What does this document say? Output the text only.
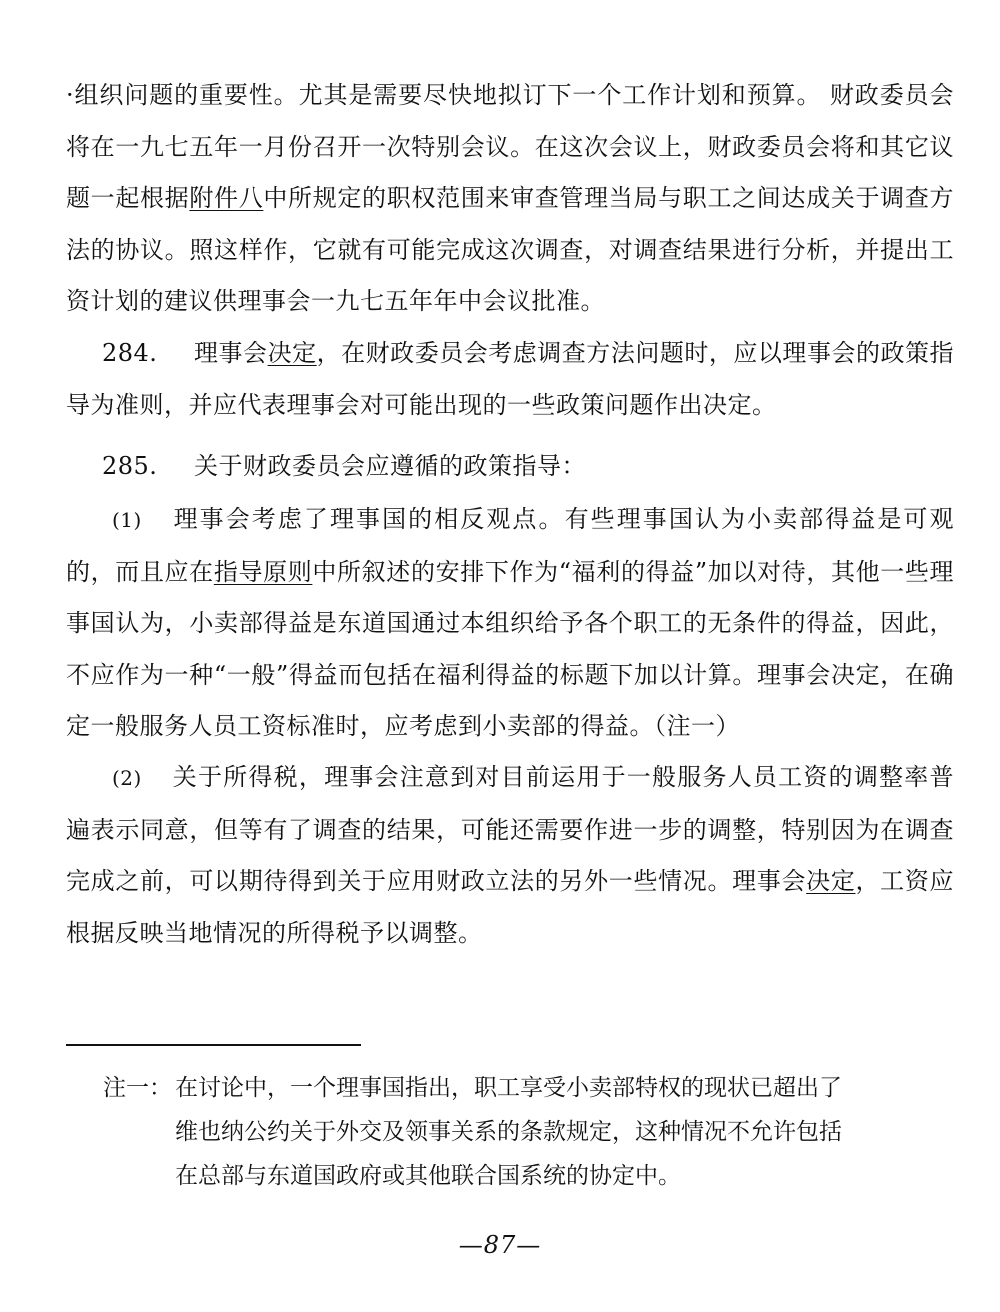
·组织问题的重要性。尤其是需要尽快地拟订下一个工作计划和预算。 财政委员会将在一九七五年一月份召开一次特别会议。在这次会议上，财政委员会将和其它议题一起根据附件八中所规定的职权范围来审查管理当局与职工之间达成关于调查方法的协议。照这样作，它就有可能完成这次调查，对调查结果进行分析，并提出工资计划的建议供理事会一九七五年年中会议批准。

284. 理事会决定，在财政委员会考虑调查方法问题时，应以理事会的政策指导为准则，并应代表理事会对可能出现的一些政策问题作出决定。

285. 关于财政委员会应遵循的政策指导：

(1) 理事会考虑了理事国的相反观点。有些理事国认为小卖部得益是可观的，而且应在指导原则中所叙述的安排下作为“福利的得益”加以对待，其他一些理事国认为，小卖部得益是东道国通过本组织给予各个职工的无条件的得益，因此，不应作为一种“一般”得益而包括在福利得益的标题下加以计算。理事会决定，在确定一般服务人员工资标准时，应考虑到小卖部的得益。（注一）

(2) 关于所得税，理事会注意到对目前运用于一般服务人员工资的调整率普遍表示同意，但等有了调查的结果，可能还需要作进一步的调整，特别因为在调查完成之前，可以期待得到关于应用财政立法的另外一些情况。理事会决定，工资应根据反映当地情况的所得税予以调整。

注一： 在讨论中，一个理事国指出，职工享受小卖部特权的现状已超出了
维也纳公约关于外交及领事关系的条款规定，这种情况不允许包括
在总部与东道国政府或其他联合国系统的协定中。
—87—
